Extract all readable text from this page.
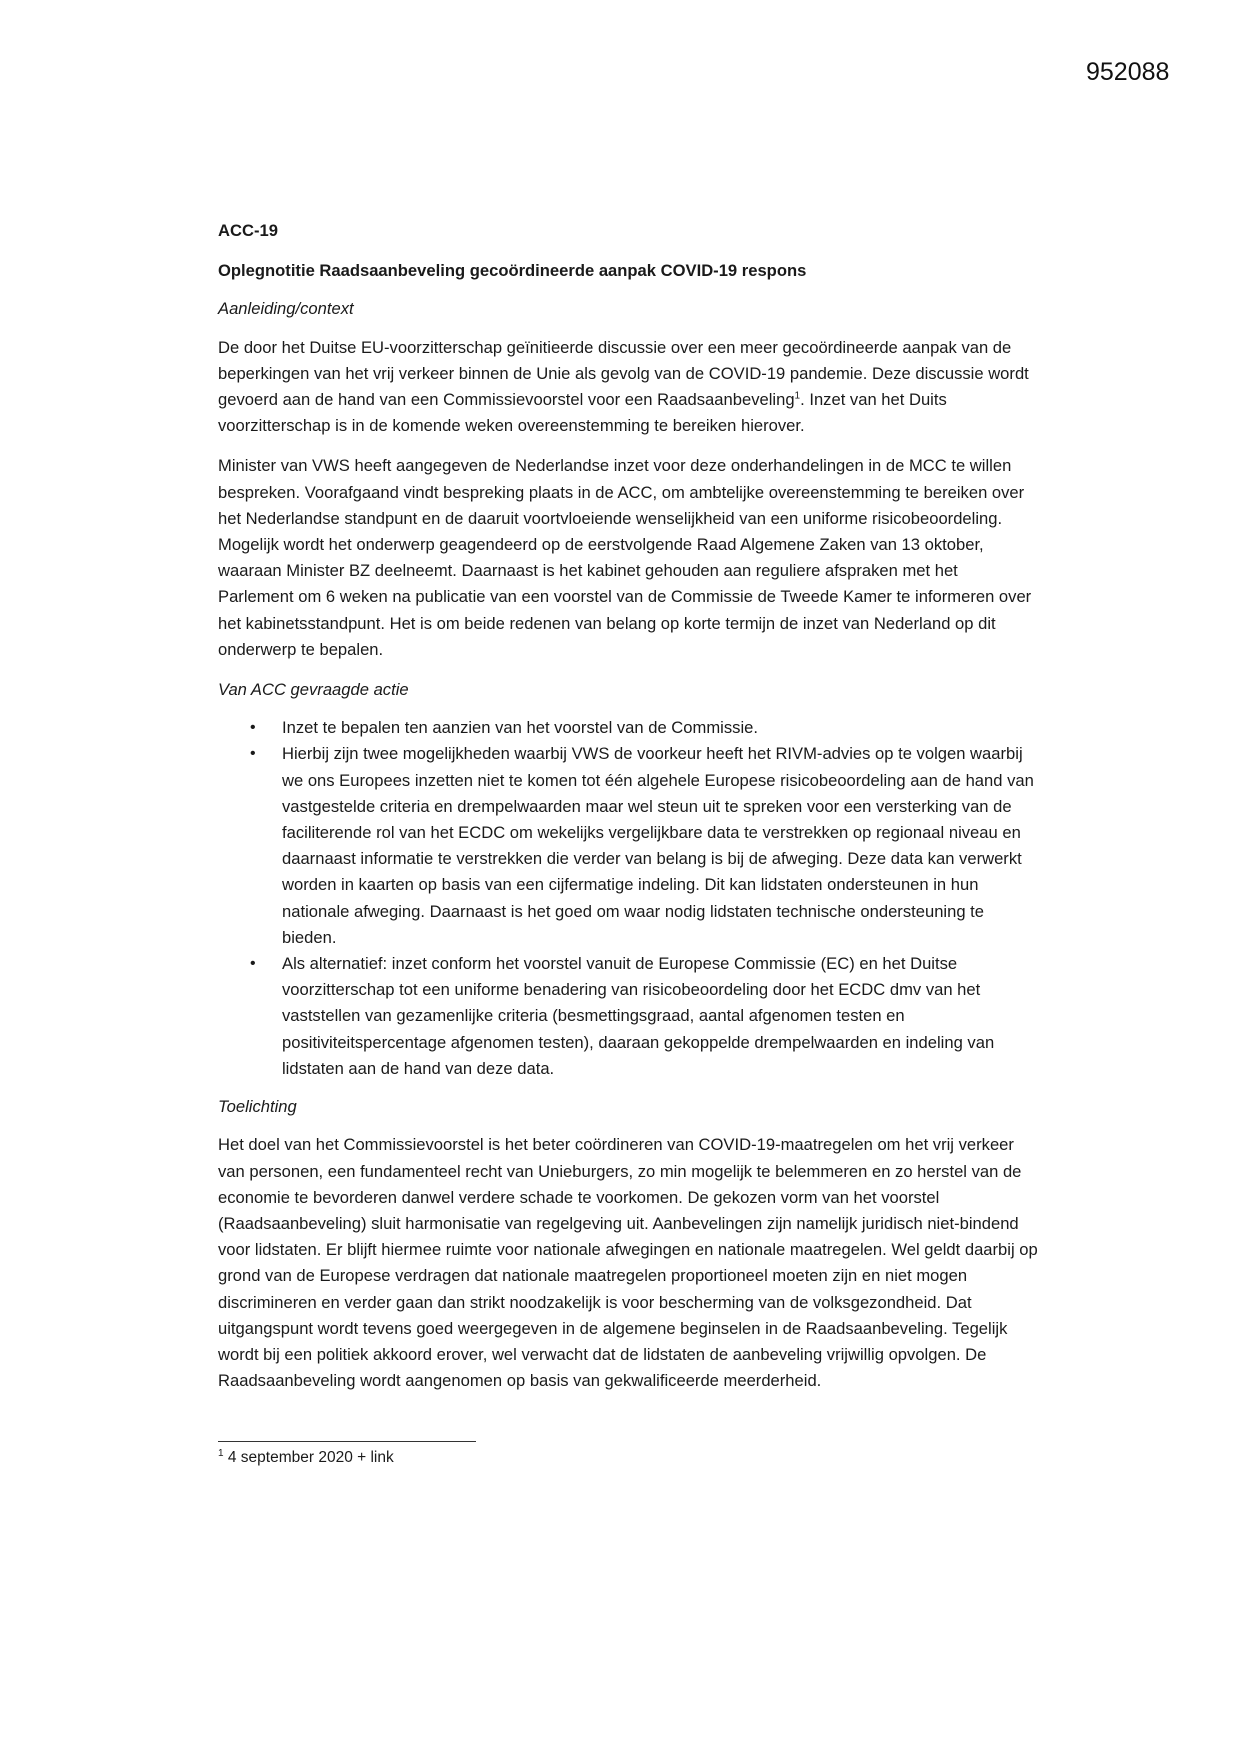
952088
ACC-19
Oplegnotitie Raadsaanbeveling gecoördineerde aanpak COVID-19 respons
Aanleiding/context

De door het Duitse EU-voorzitterschap geïnitieerde discussie over een meer gecoördineerde aanpak van de beperkingen van het vrij verkeer binnen de Unie als gevolg van de COVID-19 pandemie. Deze discussie wordt gevoerd aan de hand van een Commissievoorstel voor een Raadsaanbeveling$^1$. Inzet van het Duits voorzitterschap is in de komende weken overeenstemming te bereiken hierover.

Minister van VWS heeft aangegeven de Nederlandse inzet voor deze onderhandelingen in de MCC te willen bespreken. Voorafgaand vindt bespreking plaats in de ACC, om ambtelijke overeenstemming te bereiken over het Nederlandse standpunt en de daaruit voortvloeiende wenselijkheid van een uniforme risicobeoordeling. Mogelijk wordt het onderwerp geagendeerd op de eerstvolgende Raad Algemene Zaken van 13 oktober, waaraan Minister BZ deelneemt. Daarnaast is het kabinet gehouden aan reguliere afspraken met het Parlement om 6 weken na publicatie van een voorstel van de Commissie de Tweede Kamer te informeren over het kabinetsstandpunt. Het is om beide redenen van belang op korte termijn de inzet van Nederland op dit onderwerp te bepalen.

Van ACC gevraagde actie
• Inzet te bepalen ten aanzien van het voorstel van de Commissie.
• Hierbij zijn twee mogelijkheden waarbij VWS de voorkeur heeft het RIVM-advies op te volgen waarbij we ons Europees inzetten niet te komen tot één algehele Europese risicobeoordeling aan de hand van vastgestelde criteria en drempelwaarden maar wel steun uit te spreken voor een versterking van de faciliterende rol van het ECDC om wekelijks vergelijkbare data te verstrekken op regionaal niveau en daarnaast informatie te verstrekken die verder van belang is bij de afweging. Deze data kan verwerkt worden in kaarten op basis van een cijfermatige indeling. Dit kan lidstaten ondersteunen in hun nationale afweging. Daarnaast is het goed om waar nodig lidstaten technische ondersteuning te bieden.
• Als alternatief: inzet conform het voorstel vanuit de Europese Commissie (EC) en het Duitse voorzitterschap tot een uniforme benadering van risicobeoordeling door het ECDC dmv van het vaststellen van gezamenlijke criteria (besmettingsgraad, aantal afgenomen testen en positiviteitspercentage afgenomen testen), daaraan gekoppelde drempelwaarden en indeling van lidstaten aan de hand van deze data.
Toelichting

Het doel van het Commissievoorstel is het beter coördineren van COVID-19-maatregelen om het vrij verkeer van personen, een fundamenteel recht van Unieburgers, zo min mogelijk te belemmeren en zo herstel van de economie te bevorderen danwel verdere schade te voorkomen. De gekozen vorm van het voorstel (Raadsaanbeveling) sluit harmonisatie van regelgeving uit. Aanbevelingen zijn namelijk juridisch niet-bindend voor lidstaten. Er blijft hiermee ruimte voor nationale afwegingen en nationale maatregelen. Wel geldt daarbij op grond van de Europese verdragen dat nationale maatregelen proportioneel moeten zijn en niet mogen discrimineren en verder gaan dan strikt noodzakelijk is voor bescherming van de volksgezondheid. Dat uitgangspunt wordt tevens goed weergegeven in de algemene beginselen in de Raadsaanbeveling. Tegelijk wordt bij een politiek akkoord erover, wel verwacht dat de lidstaten de aanbeveling vrijwillig opvolgen. De Raadsaanbeveling wordt aangenomen op basis van gekwalificeerde meerderheid.

$^1$ 4 september 2020 + link
